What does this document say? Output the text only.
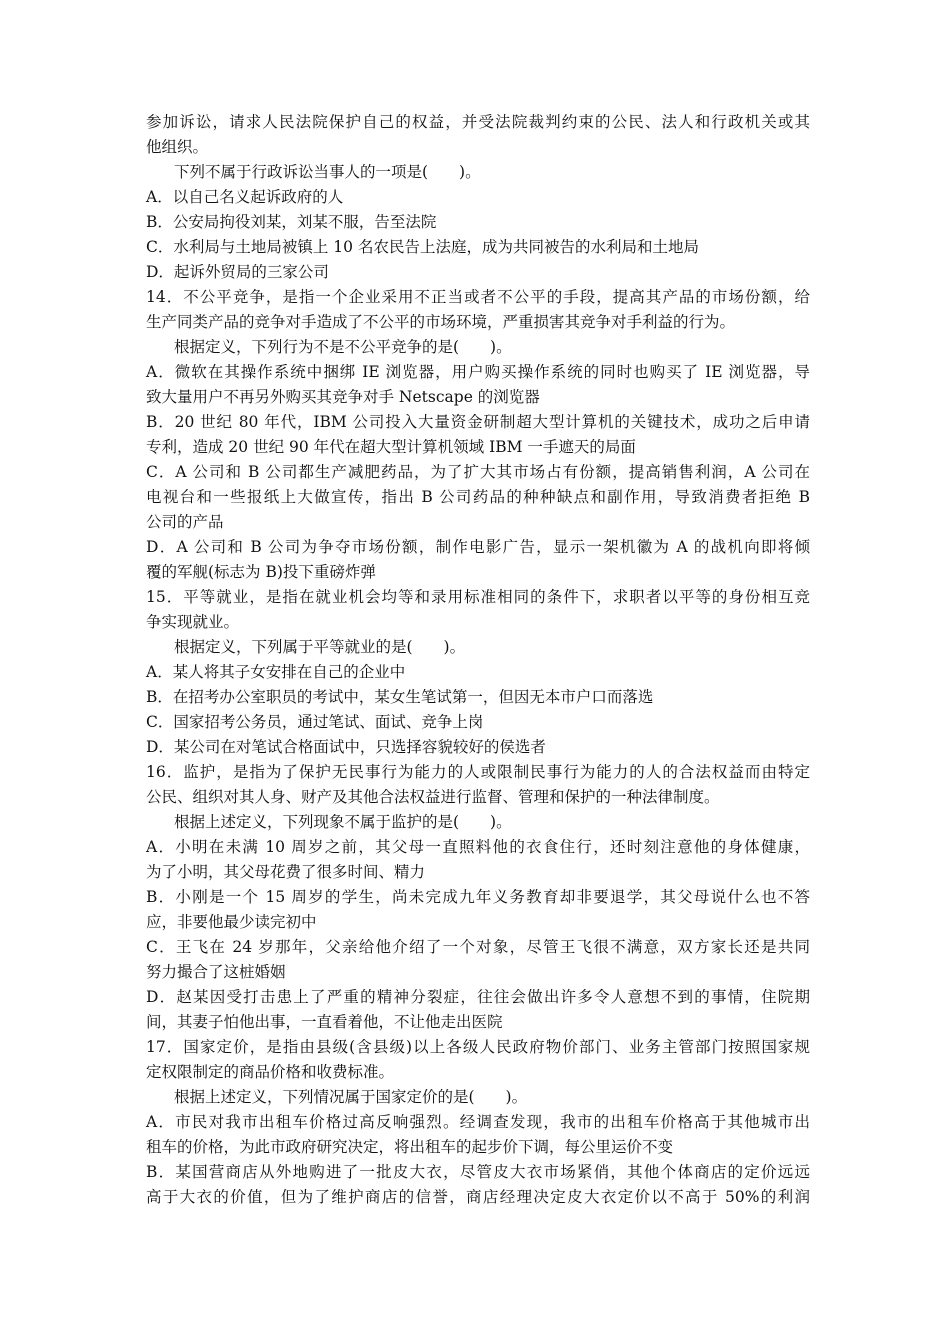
参加诉讼，请求人民法院保护自己的权益，并受法院裁判约束的公民、法人和行政机关或其
他组织。
下列不属于行政诉讼当事人的一项是(　　)。
A．以自己名义起诉政府的人
B．公安局拘役刘某，刘某不服，告至法院
C．水利局与土地局被镇上 10 名农民告上法庭，成为共同被告的水利局和土地局
D．起诉外贸局的三家公司
14．不公平竞争，是指一个企业采用不正当或者不公平的手段，提高其产品的市场份额，给
生产同类产品的竞争对手造成了不公平的市场环境，严重损害其竞争对手利益的行为。
根据定义，下列行为不是不公平竞争的是(　　)。
A．微软在其操作系统中捆绑 IE 浏览器，用户购买操作系统的同时也购买了 IE 浏览器，导
致大量用户不再另外购买其竞争对手 Netscape 的浏览器
B．20 世纪 80 年代，IBM 公司投入大量资金研制超大型计算机的关键技术，成功之后申请
专利，造成 20 世纪 90 年代在超大型计算机领域 IBM 一手遮天的局面
C．A 公司和 B 公司都生产减肥药品，为了扩大其市场占有份额，提高销售利润，A 公司在
电视台和一些报纸上大做宣传，指出 B 公司药品的种种缺点和副作用，导致消费者拒绝 B
公司的产品
D．A 公司和 B 公司为争夺市场份额，制作电影广告，显示一架机徽为 A 的战机向即将倾
覆的军舰(标志为 B)投下重磅炸弹
15．平等就业，是指在就业机会均等和录用标准相同的条件下，求职者以平等的身份相互竞
争实现就业。
根据定义，下列属于平等就业的是(　　)。
A．某人将其子女安排在自己的企业中
B．在招考办公室职员的考试中，某女生笔试第一，但因无本市户口而落选
C．国家招考公务员，通过笔试、面试、竞争上岗
D．某公司在对笔试合格面试中，只选择容貌较好的侯选者
16．监护，是指为了保护无民事行为能力的人或限制民事行为能力的人的合法权益而由特定
公民、组织对其人身、财产及其他合法权益进行监督、管理和保护的一种法律制度。
根据上述定义，下列现象不属于监护的是(　　)。
A．小明在未满 10 周岁之前，其父母一直照料他的衣食住行，还时刻注意他的身体健康，
为了小明，其父母花费了很多时间、精力
B．小刚是一个 15 周岁的学生，尚未完成九年义务教育却非要退学，其父母说什么也不答
应，非要他最少读完初中
C．王飞在 24 岁那年，父亲给他介绍了一个对象，尽管王飞很不满意，双方家长还是共同
努力撮合了这桩婚姻
D．赵某因受打击患上了严重的精神分裂症，往往会做出许多令人意想不到的事情，住院期
间，其妻子怕他出事，一直看着他，不让他走出医院
17．国家定价，是指由县级(含县级)以上各级人民政府物价部门、业务主管部门按照国家规
定权限制定的商品价格和收费标准。
根据上述定义，下列情况属于国家定价的是(　　)。
A．市民对我市出租车价格过高反响强烈。经调查发现，我市的出租车价格高于其他城市出
租车的价格，为此市政府研究决定，将出租车的起步价下调，每公里运价不变
B．某国营商店从外地购进了一批皮大衣，尽管皮大衣市场紧俏，其他个体商店的定价远远
高于大衣的价值，但为了维护商店的信誉，商店经理决定皮大衣定价以不高于 50%的利润
